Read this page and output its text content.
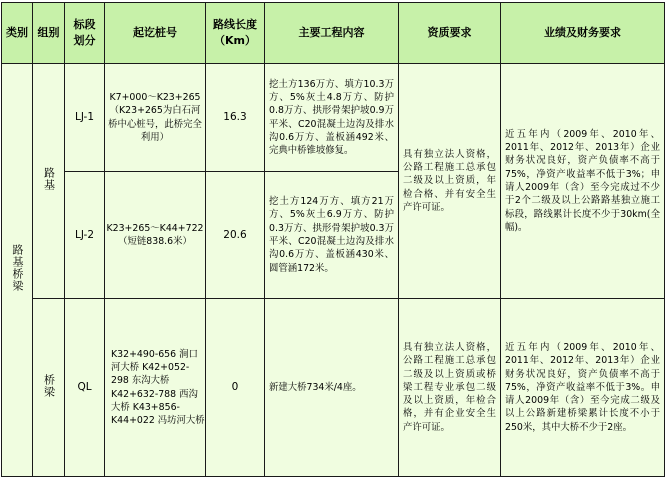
类别	组别	标段划分	起讫桩号	路线长度（Km）	主要工程内容	资质要求	业绩及财务要求
路基桥梁	路基	LJ-1	K7+000～K23+265（K23+265为白石河桥中心桩号，此桥完全利用）	16.3	挖土方136万方、填方10.3万方、5%灰土4.8万方、防护0.8万方、拱形骨架护坡0.9万平米、C20混凝土边沟及排水沟0.6万方、盖板涵492米、完典中桥锥坡修复。	具有独立法人资格，公路工程施工总承包二级及以上资质，年检合格、并有安全生产许可证。	近五年内（2009年、2010年、2011年、2012年、2013年）企业财务状况良好，资产负债率不高于75%，净资产收益率不低于3%；申请人2009年（含）至今完成过不少于2个二级及以上公路路基独立施工标段，路线累计长度不少于30km(全幅)。
		LJ-2	K23+265～K44+722（短链838.6米）	20.6	挖土方124万方、填方21万方、5%灰土6.9万方、防护0.3万方、拱形骨架护坡0.3万平米、C20混凝土边沟及排水沟0.6万方、盖板涵430米、圆管涵172米。		
	桥梁	QL	K32+490-656 涧口河大桥 K42+052-298 东沟大桥 K42+632-788 西沟大桥 K43+856-K44+022 冯坊河大桥	0	新建大桥734米/4座。	具有独立法人资格，公路工程施工总承包二级及以上资质或桥梁工程专业承包二级及以上资质，年检合格，并有企业安全生产许可证。	近五年内（2009年、2010年、2011年、2012年、2013年）企业财务状况良好，资产负债率不高于75%，净资产收益率不低于3%。申请人2009年（含）至今完成二级及以上公路新建桥梁累计长度不小于250米，其中大桥不少于2座。
